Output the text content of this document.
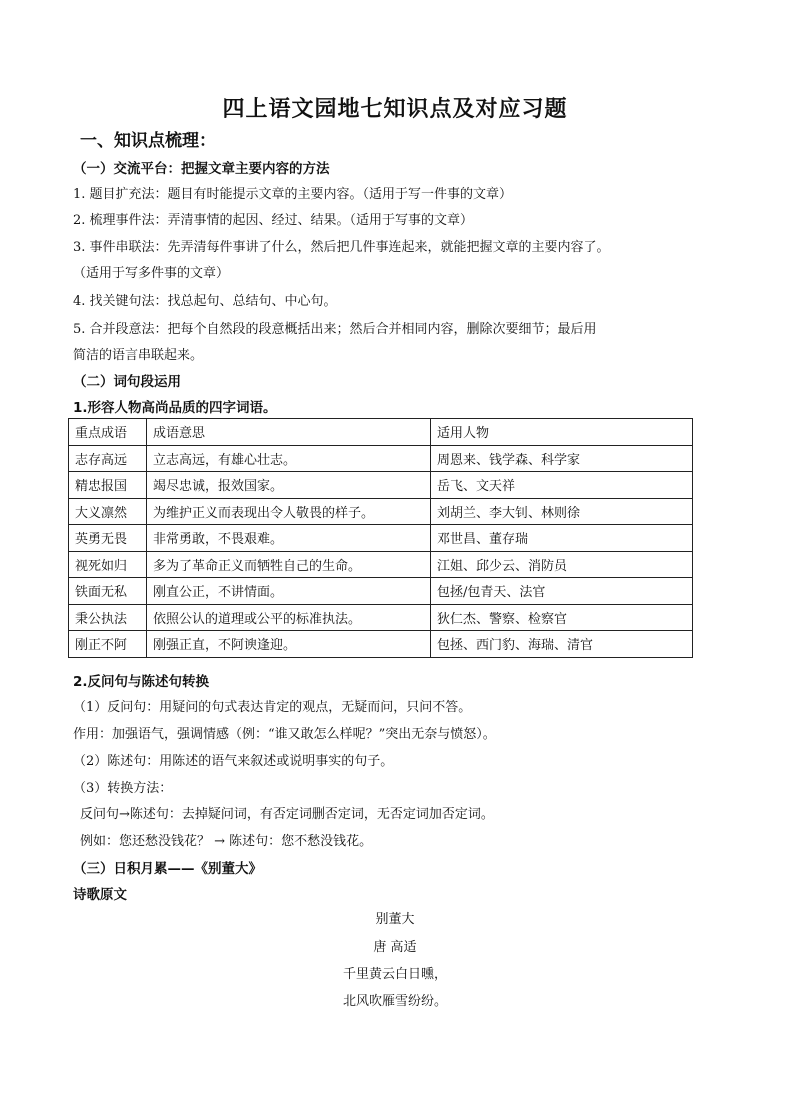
四上语文园地七知识点及对应习题
一、知识点梳理：
（一）交流平台：把握文章主要内容的方法
1. 题目扩充法：题目有时能提示文章的主要内容。（适用于写一件事的文章）
2. 梳理事件法：弄清事情的起因、经过、结果。（适用于写事的文章）
3. 事件串联法：先弄清每件事讲了什么，然后把几件事连起来，就能把握文章的主要内容了。
（适用于写多件事的文章）
4. 找关键句法：找总起句、总结句、中心句。
5. 合并段意法：把每个自然段的段意概括出来；然后合并相同内容，删除次要细节；最后用
简洁的语言串联起来。
（二）词句段运用
1.形容人物高尚品质的四字词语。
重点成语	成语意思	适用人物
志存高远	立志高远，有雄心壮志。	周恩来、钱学森、科学家
精忠报国	竭尽忠诚，报效国家。	岳飞、文天祥
大义凛然	为维护正义而表现出令人敬畏的样子。	刘胡兰、李大钊、林则徐
英勇无畏	非常勇敢，不畏艰难。	邓世昌、董存瑞
视死如归	多为了革命正义而牺牲自己的生命。	江姐、邱少云、消防员
铁面无私	刚直公正，不讲情面。	包拯/包青天、法官
秉公执法	依照公认的道理或公平的标准执法。	狄仁杰、警察、检察官
刚正不阿	刚强正直，不阿谀逢迎。	包拯、西门豹、海瑞、清官
2.反问句与陈述句转换
（1）反问句：用疑问的句式表达肯定的观点，无疑而问，只问不答。
作用：加强语气，强调情感（例：“谁又敢怎么样呢？”突出无奈与愤怒）。
（2）陈述句：用陈述的语气来叙述或说明事实的句子。
（3）转换方法：
反问句→陈述句：去掉疑问词，有否定词删否定词，无否定词加否定词。
例如：您还愁没钱花？ → 陈述句：您不愁没钱花。
（三）日积月累——《别董大》
诗歌原文
别董大
唐 高适
千里黄云白日曛，
北风吹雁雪纷纷。
